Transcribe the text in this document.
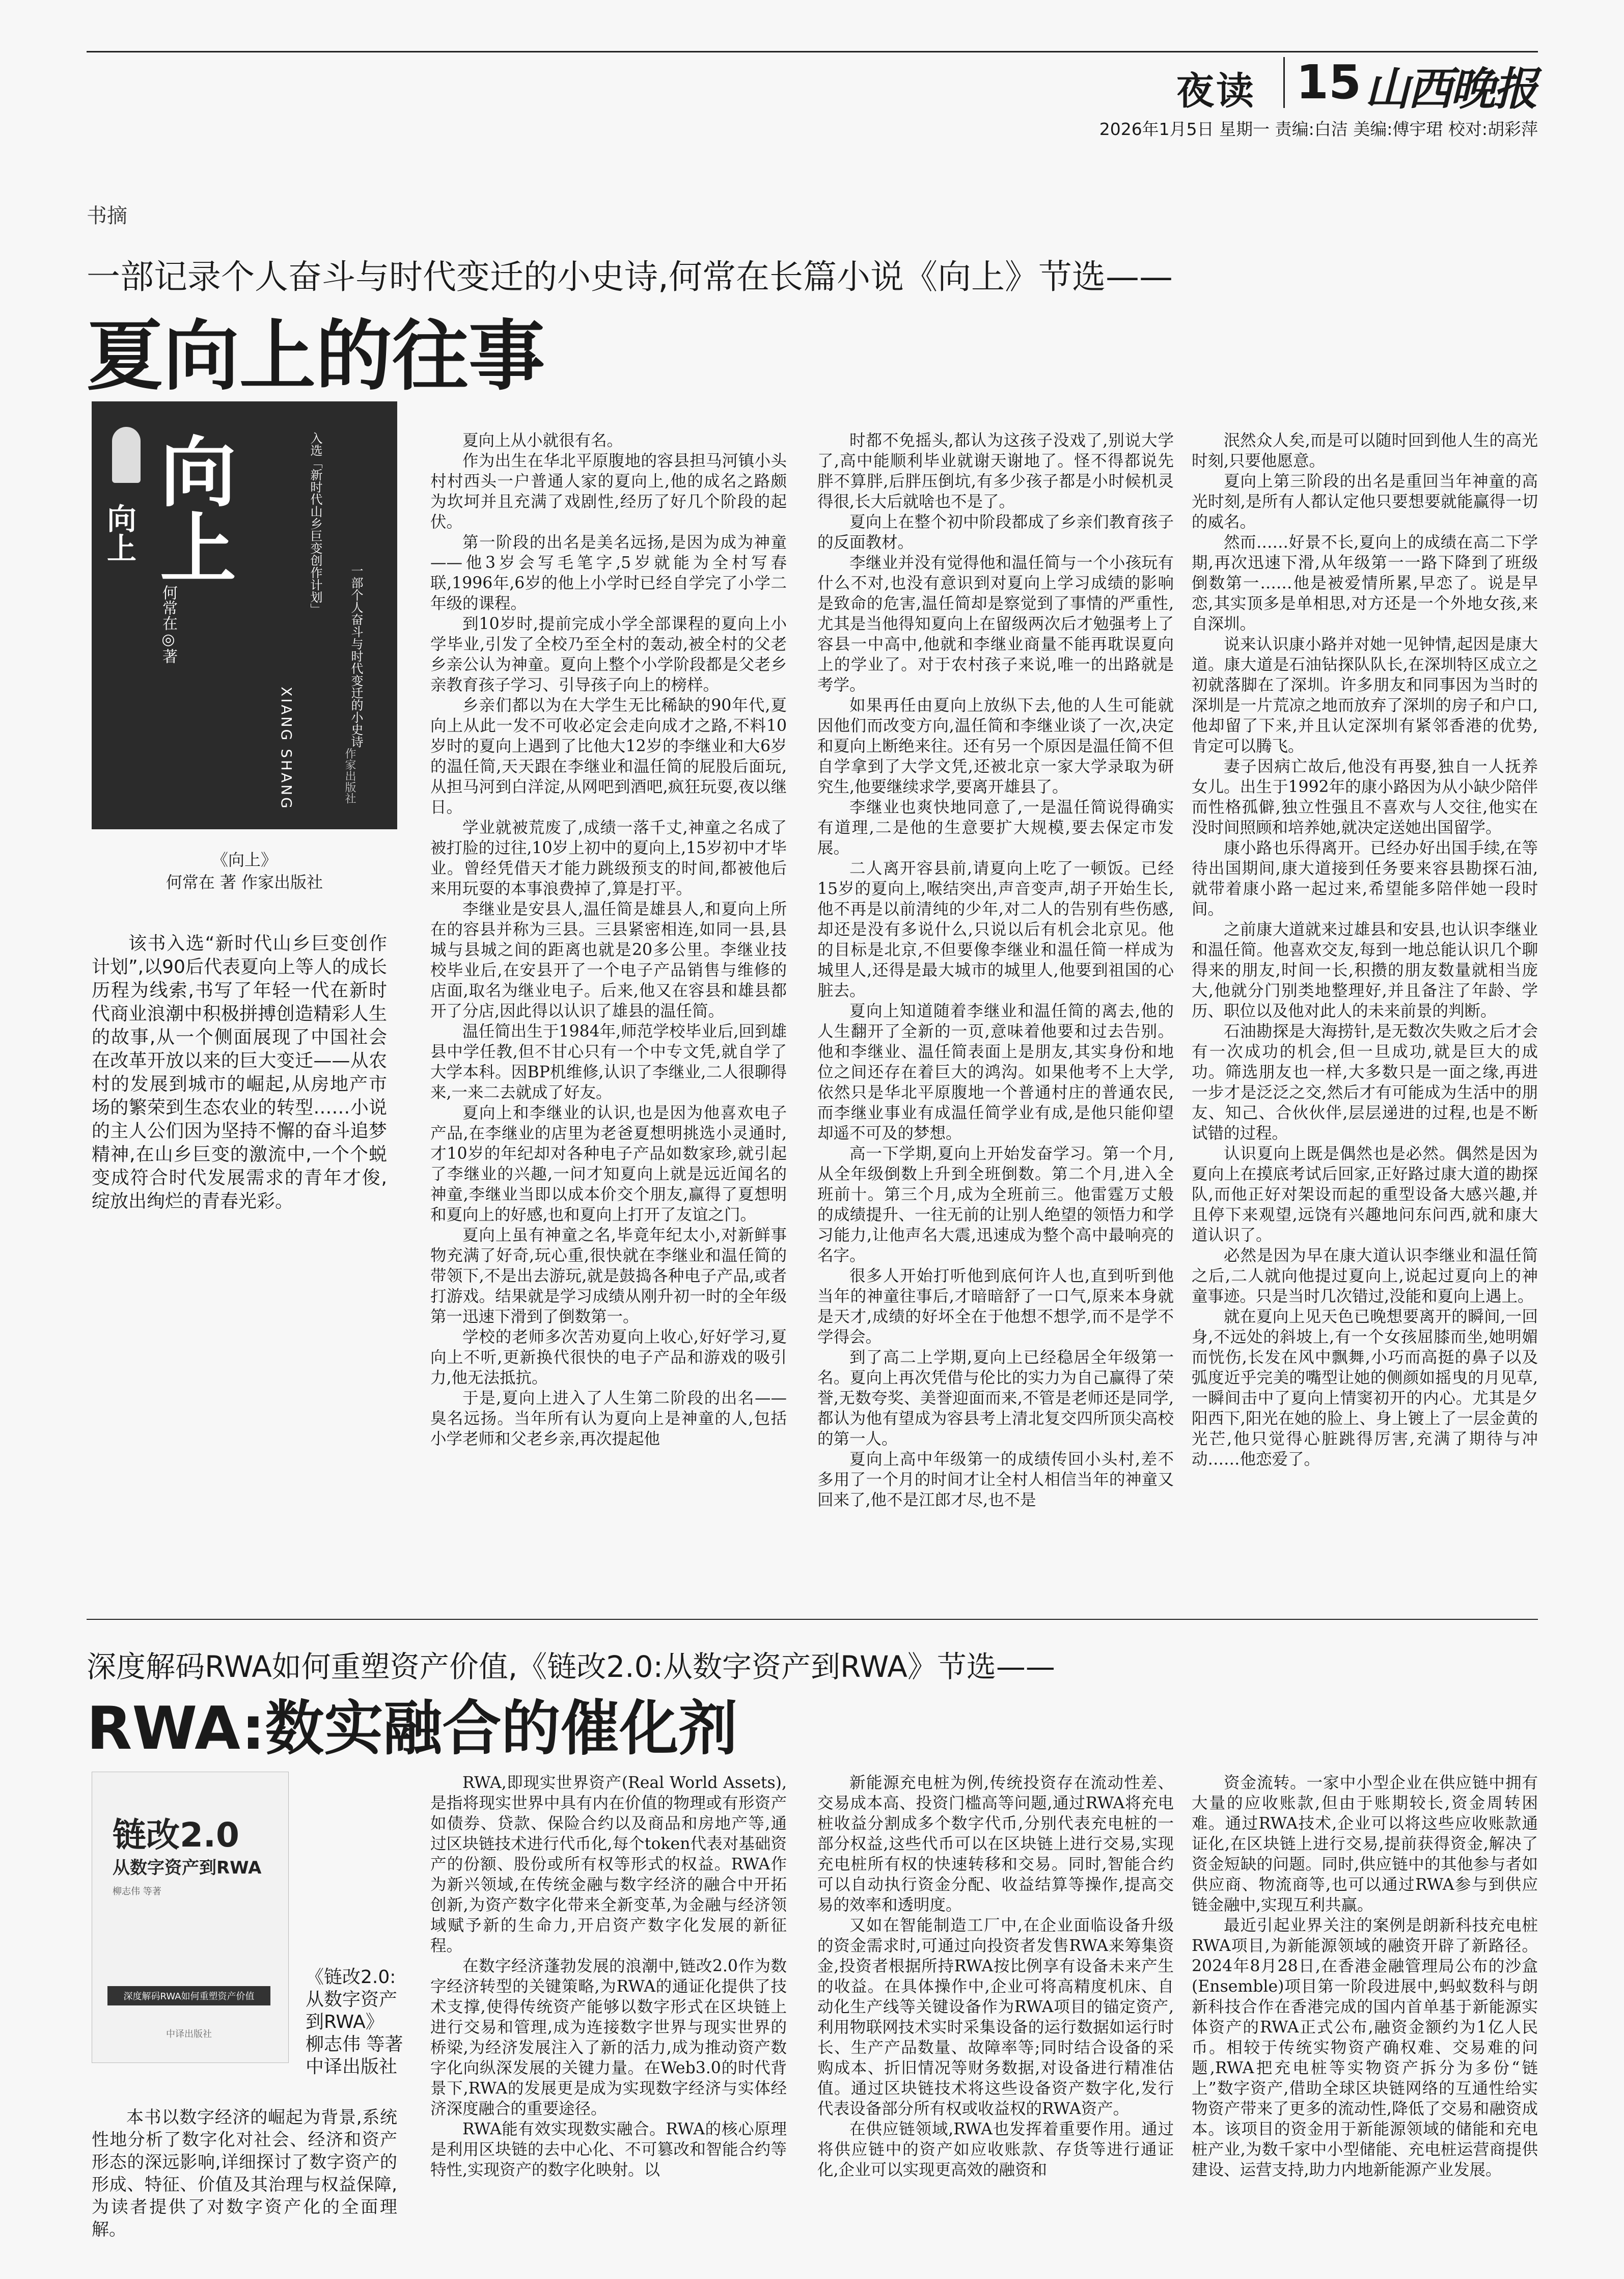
夜读 15 山西晚报
2026年1月5日 星期一 责编:白洁 美编:傅宇珺 校对:胡彩萍
书摘
一部记录个人奋斗与时代变迁的小史诗,何常在长篇小说《向上》节选——
夏向上的往事
向上 向上	入选「新时代山乡巨变创作计划」
何常在◎著
XIANG SHANG
一部个人奋斗与时代变迁的小史诗
作家出版社
《向上》
何常在 著 作家出版社

该书入选“新时代山乡巨变创作计划”,以90后代表夏向上等人的成长历程为线索,书写了年轻一代在新时代商业浪潮中积极拼搏创造精彩人生的故事,从一个侧面展现了中国社会在改革开放以来的巨大变迁——从农村的发展到城市的崛起,从房地产市场的繁荣到生态农业的转型……小说的主人公们因为坚持不懈的奋斗追梦精神,在山乡巨变的激流中,一个个蜕变成符合时代发展需求的青年才俊,绽放出绚烂的青春光彩。

夏向上从小就很有名。

作为出生在华北平原腹地的容县担马河镇小头村村西头一户普通人家的夏向上,他的成名之路颇为坎坷并且充满了戏剧性,经历了好几个阶段的起伏。

第一阶段的出名是美名远扬,是因为成为神童——他3岁会写毛笔字,5岁就能为全村写春联,1996年,6岁的他上小学时已经自学完了小学二年级的课程。

到10岁时,提前完成小学全部课程的夏向上小学毕业,引发了全校乃至全村的轰动,被全村的父老乡亲公认为神童。夏向上整个小学阶段都是父老乡亲教育孩子学习、引导孩子向上的榜样。

乡亲们都以为在大学生无比稀缺的90年代,夏向上从此一发不可收必定会走向成才之路,不料10岁时的夏向上遇到了比他大12岁的李继业和大6岁的温任简,天天跟在李继业和温任简的屁股后面玩,从担马河到白洋淀,从网吧到酒吧,疯狂玩耍,夜以继日。

学业就被荒废了,成绩一落千丈,神童之名成了被打脸的过往,10岁上初中的夏向上,15岁初中才毕业。曾经凭借天才能力跳级预支的时间,都被他后来用玩耍的本事浪费掉了,算是打平。

李继业是安县人,温任简是雄县人,和夏向上所在的容县并称为三县。三县紧密相连,如同一县,县城与县城之间的距离也就是20多公里。李继业技校毕业后,在安县开了一个电子产品销售与维修的店面,取名为继业电子。后来,他又在容县和雄县都开了分店,因此得以认识了雄县的温任简。

温任简出生于1984年,师范学校毕业后,回到雄县中学任教,但不甘心只有一个中专文凭,就自学了大学本科。因BP机维修,认识了李继业,二人很聊得来,一来二去就成了好友。

夏向上和李继业的认识,也是因为他喜欢电子产品,在李继业的店里为老爸夏想明挑选小灵通时,才10岁的年纪却对各种电子产品如数家珍,就引起了李继业的兴趣,一问才知夏向上就是远近闻名的神童,李继业当即以成本价交个朋友,赢得了夏想明和夏向上的好感,也和夏向上打开了友谊之门。

夏向上虽有神童之名,毕竟年纪太小,对新鲜事物充满了好奇,玩心重,很快就在李继业和温任简的带领下,不是出去游玩,就是鼓捣各种电子产品,或者打游戏。结果就是学习成绩从刚升初一时的全年级第一迅速下滑到了倒数第一。

学校的老师多次苦劝夏向上收心,好好学习,夏向上不听,更新换代很快的电子产品和游戏的吸引力,他无法抵抗。

于是,夏向上进入了人生第二阶段的出名——臭名远扬。当年所有认为夏向上是神童的人,包括小学老师和父老乡亲,再次提起他

时都不免摇头,都认为这孩子没戏了,别说大学了,高中能顺利毕业就谢天谢地了。怪不得都说先胖不算胖,后胖压倒坑,有多少孩子都是小时候机灵得很,长大后就啥也不是了。

夏向上在整个初中阶段都成了乡亲们教育孩子的反面教材。

李继业并没有觉得他和温任简与一个小孩玩有什么不对,也没有意识到对夏向上学习成绩的影响是致命的危害,温任简却是察觉到了事情的严重性,尤其是当他得知夏向上在留级两次后才勉强考上了容县一中高中,他就和李继业商量不能再耽误夏向上的学业了。对于农村孩子来说,唯一的出路就是考学。

如果再任由夏向上放纵下去,他的人生可能就因他们而改变方向,温任简和李继业谈了一次,决定和夏向上断绝来往。还有另一个原因是温任简不但自学拿到了大学文凭,还被北京一家大学录取为研究生,他要继续求学,要离开雄县了。

李继业也爽快地同意了,一是温任简说得确实有道理,二是他的生意要扩大规模,要去保定市发展。

二人离开容县前,请夏向上吃了一顿饭。已经15岁的夏向上,喉结突出,声音变声,胡子开始生长,他不再是以前清纯的少年,对二人的告别有些伤感,却还是没有多说什么,只说以后有机会北京见。他的目标是北京,不但要像李继业和温任简一样成为城里人,还得是最大城市的城里人,他要到祖国的心脏去。

夏向上知道随着李继业和温任简的离去,他的人生翻开了全新的一页,意味着他要和过去告别。他和李继业、温任简表面上是朋友,其实身份和地位之间还存在着巨大的鸿沟。如果他考不上大学,依然只是华北平原腹地一个普通村庄的普通农民,而李继业事业有成温任简学业有成,是他只能仰望却遥不可及的梦想。

高一下学期,夏向上开始发奋学习。第一个月,从全年级倒数上升到全班倒数。第二个月,进入全班前十。第三个月,成为全班前三。他雷霆万丈般的成绩提升、一往无前的让别人绝望的领悟力和学习能力,让他声名大震,迅速成为整个高中最响亮的名字。

很多人开始打听他到底何许人也,直到听到他当年的神童往事后,才暗暗舒了一口气,原来本身就是天才,成绩的好坏全在于他想不想学,而不是学不学得会。

到了高二上学期,夏向上已经稳居全年级第一名。夏向上再次凭借与伦比的实力为自己赢得了荣誉,无数夸奖、美誉迎面而来,不管是老师还是同学,都认为他有望成为容县考上清北复交四所顶尖高校的第一人。

夏向上高中年级第一的成绩传回小头村,差不多用了一个月的时间才让全村人相信当年的神童又回来了,他不是江郎才尽,也不是

泯然众人矣,而是可以随时回到他人生的高光时刻,只要他愿意。

夏向上第三阶段的出名是重回当年神童的高光时刻,是所有人都认定他只要想要就能赢得一切的威名。

然而……好景不长,夏向上的成绩在高二下学期,再次迅速下滑,从年级第一一路下降到了班级倒数第一……他是被爱情所累,早恋了。说是早恋,其实顶多是单相思,对方还是一个外地女孩,来自深圳。

说来认识康小路并对她一见钟情,起因是康大道。康大道是石油钻探队队长,在深圳特区成立之初就落脚在了深圳。许多朋友和同事因为当时的深圳是一片荒凉之地而放弃了深圳的房子和户口,他却留了下来,并且认定深圳有紧邻香港的优势,肯定可以腾飞。

妻子因病亡故后,他没有再娶,独自一人抚养女儿。出生于1992年的康小路因为从小缺少陪伴而性格孤僻,独立性强且不喜欢与人交往,他实在没时间照顾和培养她,就决定送她出国留学。

康小路也乐得离开。已经办好出国手续,在等待出国期间,康大道接到任务要来容县勘探石油,就带着康小路一起过来,希望能多陪伴她一段时间。

之前康大道就来过雄县和安县,也认识李继业和温任简。他喜欢交友,每到一地总能认识几个聊得来的朋友,时间一长,积攒的朋友数量就相当庞大,他就分门别类地整理好,并且备注了年龄、学历、职位以及他对此人的未来前景的判断。

石油勘探是大海捞针,是无数次失败之后才会有一次成功的机会,但一旦成功,就是巨大的成功。筛选朋友也一样,大多数只是一面之缘,再进一步才是泛泛之交,然后才有可能成为生活中的朋友、知己、合伙伙伴,层层递进的过程,也是不断试错的过程。

认识夏向上既是偶然也是必然。偶然是因为夏向上在摸底考试后回家,正好路过康大道的勘探队,而他正好对架设而起的重型设备大感兴趣,并且停下来观望,远饶有兴趣地问东问西,就和康大道认识了。

必然是因为早在康大道认识李继业和温任简之后,二人就向他提过夏向上,说起过夏向上的神童事迹。只是当时几次错过,没能和夏向上遇上。

就在夏向上见天色已晚想要离开的瞬间,一回身,不远处的斜坡上,有一个女孩屈膝而坐,她明媚而恍伤,长发在风中飘舞,小巧而高挺的鼻子以及弧度近乎完美的嘴型让她的侧颜如摇曳的月见草,一瞬间击中了夏向上情窦初开的内心。尤其是夕阳西下,阳光在她的脸上、身上镀上了一层金黄的光芒,他只觉得心脏跳得厉害,充满了期待与冲动……他恋爱了。

深度解码RWA如何重塑资产价值,《链改2.0:从数字资产到RWA》节选——
RWA:数实融合的催化剂
链改2.0
从数字资产到RWA
柳志伟 等著
深度解码RWA如何重塑资产价值
中译出版社
《链改2.0:
从数字资产
到RWA》
柳志伟 等著
中译出版社

本书以数字经济的崛起为背景,系统性地分析了数字化对社会、经济和资产形态的深远影响,详细探讨了数字资产的形成、特征、价值及其治理与权益保障,为读者提供了对数字资产化的全面理解。

RWA,即现实世界资产(Real World Assets),是指将现实世界中具有内在价值的物理或有形资产如债券、贷款、保险合约以及商品和房地产等,通过区块链技术进行代币化,每个token代表对基础资产的份额、股份或所有权等形式的权益。RWA作为新兴领域,在传统金融与数字经济的融合中开拓创新,为资产数字化带来全新变革,为金融与经济领域赋予新的生命力,开启资产数字化发展的新征程。

在数字经济蓬勃发展的浪潮中,链改2.0作为数字经济转型的关键策略,为RWA的通证化提供了技术支撑,使得传统资产能够以数字形式在区块链上进行交易和管理,成为连接数字世界与现实世界的桥梁,为经济发展注入了新的活力,成为推动资产数字化向纵深发展的关键力量。在Web3.0的时代背景下,RWA的发展更是成为实现数字经济与实体经济深度融合的重要途径。

RWA能有效实现数实融合。RWA的核心原理是利用区块链的去中心化、不可篡改和智能合约等特性,实现资产的数字化映射。以

新能源充电桩为例,传统投资存在流动性差、交易成本高、投资门槛高等问题,通过RWA将充电桩收益分割成多个数字代币,分别代表充电桩的一部分权益,这些代币可以在区块链上进行交易,实现充电桩所有权的快速转移和交易。同时,智能合约可以自动执行资金分配、收益结算等操作,提高交易的效率和透明度。

又如在智能制造工厂中,在企业面临设备升级的资金需求时,可通过向投资者发售RWA来筹集资金,投资者根据所持RWA按比例享有设备未来产生的收益。在具体操作中,企业可将高精度机床、自动化生产线等关键设备作为RWA项目的锚定资产,利用物联网技术实时采集设备的运行数据如运行时长、生产产品数量、故障率等;同时结合设备的采购成本、折旧情况等财务数据,对设备进行精准估值。通过区块链技术将这些设备资产数字化,发行代表设备部分所有权或收益权的RWA资产。

在供应链领域,RWA也发挥着重要作用。通过将供应链中的资产如应收账款、存货等进行通证化,企业可以实现更高效的融资和

资金流转。一家中小型企业在供应链中拥有大量的应收账款,但由于账期较长,资金周转困难。通过RWA技术,企业可以将这些应收账款通证化,在区块链上进行交易,提前获得资金,解决了资金短缺的问题。同时,供应链中的其他参与者如供应商、物流商等,也可以通过RWA参与到供应链金融中,实现互利共赢。

最近引起业界关注的案例是朗新科技充电桩RWA项目,为新能源领域的融资开辟了新路径。2024年8月28日,在香港金融管理局公布的沙盒(Ensemble)项目第一阶段进展中,蚂蚁数科与朗新科技合作在香港完成的国内首单基于新能源实体资产的RWA正式公布,融资金额约为1亿人民币。相较于传统实物资产确权难、交易难的问题,RWA把充电桩等实物资产拆分为多份“链上”数字资产,借助全球区块链网络的互通性给实物资产带来了更多的流动性,降低了交易和融资成本。该项目的资金用于新能源领域的储能和充电桩产业,为数千家中小型储能、充电桩运营商提供建设、运营支持,助力内地新能源产业发展。
